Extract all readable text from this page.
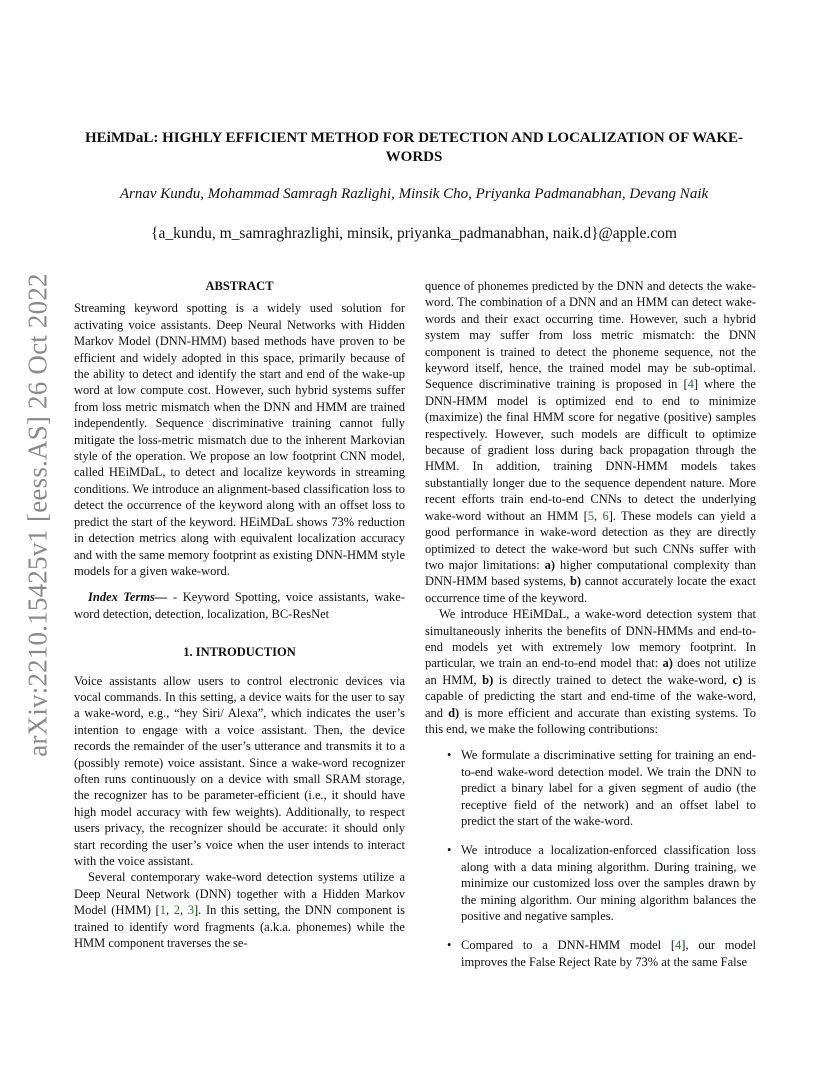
arXiv:2210.15425v1 [eess.AS] 26 Oct 2022
HEiMDaL: HIGHLY EFFICIENT METHOD FOR DETECTION AND LOCALIZATION OF WAKE-WORDS
Arnav Kundu, Mohammad Samragh Razlighi, Minsik Cho, Priyanka Padmanabhan, Devang Naik
{a_kundu, m_samraghrazlighi, minsik, priyanka_padmanabhan, naik.d}@apple.com
ABSTRACT

Streaming keyword spotting is a widely used solution for activating voice assistants. Deep Neural Networks with Hidden Markov Model (DNN-HMM) based methods have proven to be efficient and widely adopted in this space, primarily because of the ability to detect and identify the start and end of the wake-up word at low compute cost. However, such hybrid systems suffer from loss metric mismatch when the DNN and HMM are trained independently. Sequence discriminative training cannot fully mitigate the loss-metric mismatch due to the inherent Markovian style of the operation. We propose an low footprint CNN model, called HEiMDaL, to detect and localize keywords in streaming conditions. We introduce an alignment-based classification loss to detect the occurrence of the keyword along with an offset loss to predict the start of the keyword. HEiMDaL shows 73% reduction in detection metrics along with equivalent localization accuracy and with the same memory footprint as existing DNN-HMM style models for a given wake-word.

Index Terms— - Keyword Spotting, voice assistants, wake-word detection, detection, localization, BC-ResNet

1. INTRODUCTION

Voice assistants allow users to control electronic devices via vocal commands. In this setting, a device waits for the user to say a wake-word, e.g., “hey Siri/ Alexa”, which indicates the user’s intention to engage with a voice assistant. Then, the device records the remainder of the user’s utterance and transmits it to a (possibly remote) voice assistant. Since a wake-word recognizer often runs continuously on a device with small SRAM storage, the recognizer has to be parameter-efficient (i.e., it should have high model accuracy with few weights). Additionally, to respect users privacy, the recognizer should be accurate: it should only start recording the user’s voice when the user intends to interact with the voice assistant.

Several contemporary wake-word detection systems utilize a Deep Neural Network (DNN) together with a Hidden Markov Model (HMM) [1, 2, 3]. In this setting, the DNN component is trained to identify word fragments (a.k.a. phonemes) while the HMM component traverses the se-

quence of phonemes predicted by the DNN and detects the wake-word. The combination of a DNN and an HMM can detect wake-words and their exact occurring time. However, such a hybrid system may suffer from loss metric mismatch: the DNN component is trained to detect the phoneme sequence, not the keyword itself, hence, the trained model may be sub-optimal. Sequence discriminative training is proposed in [4] where the DNN-HMM model is optimized end to end to minimize (maximize) the final HMM score for negative (positive) samples respectively. However, such models are difficult to optimize because of gradient loss during back propagation through the HMM. In addition, training DNN-HMM models takes substantially longer due to the sequence dependent nature. More recent efforts train end-to-end CNNs to detect the underlying wake-word without an HMM [5, 6]. These models can yield a good performance in wake-word detection as they are directly optimized to detect the wake-word but such CNNs suffer with two major limitations: a) higher computational complexity than DNN-HMM based systems, b) cannot accurately locate the exact occurrence time of the keyword.

We introduce HEiMDaL, a wake-word detection system that simultaneously inherits the benefits of DNN-HMMs and end-to-end models yet with extremely low memory footprint. In particular, we train an end-to-end model that: a) does not utilize an HMM, b) is directly trained to detect the wake-word, c) is capable of predicting the start and end-time of the wake-word, and d) is more efficient and accurate than existing systems. To this end, we make the following contributions:

• We formulate a discriminative setting for training an end-to-end wake-word detection model. We train the DNN to predict a binary label for a given segment of audio (the receptive field of the network) and an offset label to predict the start of the wake-word.
• We introduce a localization-enforced classification loss along with a data mining algorithm. During training, we minimize our customized loss over the samples drawn by the mining algorithm. Our mining algorithm balances the positive and negative samples.
• Compared to a DNN-HMM model [4], our model improves the False Reject Rate by 73% at the same False
